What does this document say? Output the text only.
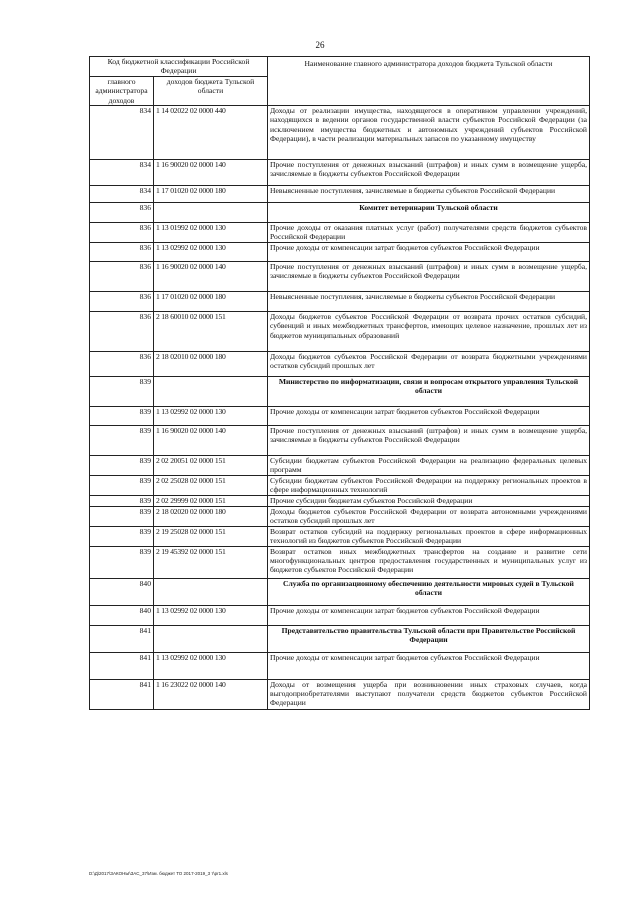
26
Код бюджетной классификации Российской Федерации		Наименование главного администратора доходов бюджета Тульской области
главного администратора доходов	доходов бюджета Тульской области	
834	1 14 02022 02 0000 440	Доходы от реализации имущества, находящегося в оперативном управлении учреждений, находящихся в ведении органов государственной власти субъектов Российской Федерации (за исключением имущества бюджетных и автономных учреждений субъектов Российской Федерации), в части реализации материальных запасов по указанному имуществу
834	1 16 90020 02 0000 140	Прочие поступления от денежных взысканий (штрафов) и иных сумм в возмещение ущерба, зачисляемые в бюджеты субъектов Российской Федерации
834	1 17 01020 02 0000 180	Невыясненные поступления, зачисляемые в бюджеты субъектов Российской Федерации
836		Комитет ветеринарии Тульской области
836	1 13 01992 02 0000 130	Прочие доходы от оказания платных услуг (работ) получателями средств бюджетов субъектов Российской Федерации
836	1 13 02992 02 0000 130	Прочие доходы от компенсации затрат бюджетов субъектов Российской Федерации
836	1 16 90020 02 0000 140	Прочие поступления от денежных взысканий (штрафов) и иных сумм в возмещение ущерба, зачисляемые в бюджеты субъектов Российской Федерации
836	1 17 01020 02 0000 180	Невыясненные поступления, зачисляемые в бюджеты субъектов Российской Федерации
836	2 18 60010 02 0000 151	Доходы бюджетов субъектов Российской Федерации от возврата прочих остатков субсидий, субвенций и иных межбюджетных трансфертов, имеющих целевое назначение, прошлых лет из бюджетов муниципальных образований
836	2 18 02010 02 0000 180	Доходы бюджетов субъектов Российской Федерации от возврата бюджетными учреждениями остатков субсидий прошлых лет
839		Министерство по информатизации, связи и вопросам открытого управления Тульской области
839	1 13 02992 02 0000 130	Прочие доходы от компенсации затрат бюджетов субъектов Российской Федерации
839	1 16 90020 02 0000 140	Прочие поступления от денежных взысканий (штрафов) и иных сумм в возмещение ущерба, зачисляемые в бюджеты субъектов Российской Федерации
839	2 02 20051 02 0000 151	Субсидии бюджетам субъектов Российской Федерации на реализацию федеральных целевых программ
839	2 02 25028 02 0000 151	Субсидии бюджетам субъектов Российской Федерации на поддержку региональных проектов в сфере информационных технологий
839	2 02 29999 02 0000 151	Прочие субсидии бюджетам субъектов Российской Федерации
839	2 18 02020 02 0000 180	Доходы бюджетов субъектов Российской Федерации от возврата автономными учреждениями остатков субсидий прошлых лет
839	2 19 25028 02 0000 151	Возврат остатков субсидий на поддержку региональных проектов в сфере информационных технологий из бюджетов субъектов Российской Федерации
839	2 19 45392 02 0000 151	Возврат остатков иных межбюджетных трансфертов на создание и развитие сети многофункциональных центров предоставления государственных и муниципальных услуг из бюджетов субъектов Российской Федерации
840		Служба по организационному обеспечению деятельности мировых судей в Тульской области
840	1 13 02992 02 0000 130	Прочие доходы от компенсации затрат бюджетов субъектов Российской Федерации
841		Представительство правительства Тульской области при Правительстве Российской Федерации
841	1 13 02992 02 0000 130	Прочие доходы от компенсации затрат бюджетов субъектов Российской Федерации
841	1 16 23022 02 0000 140	Доходы от возмещения ущерба при возникновении иных страховых случаев, когда выгодоприобретателями выступают получатели средств бюджетов субъектов Российской Федерации
D:\Д\2017\ЗАКОНЫ\ЗАС_37\Изм. бюджет ТО 2017-2019_3 т\pr1.xls
